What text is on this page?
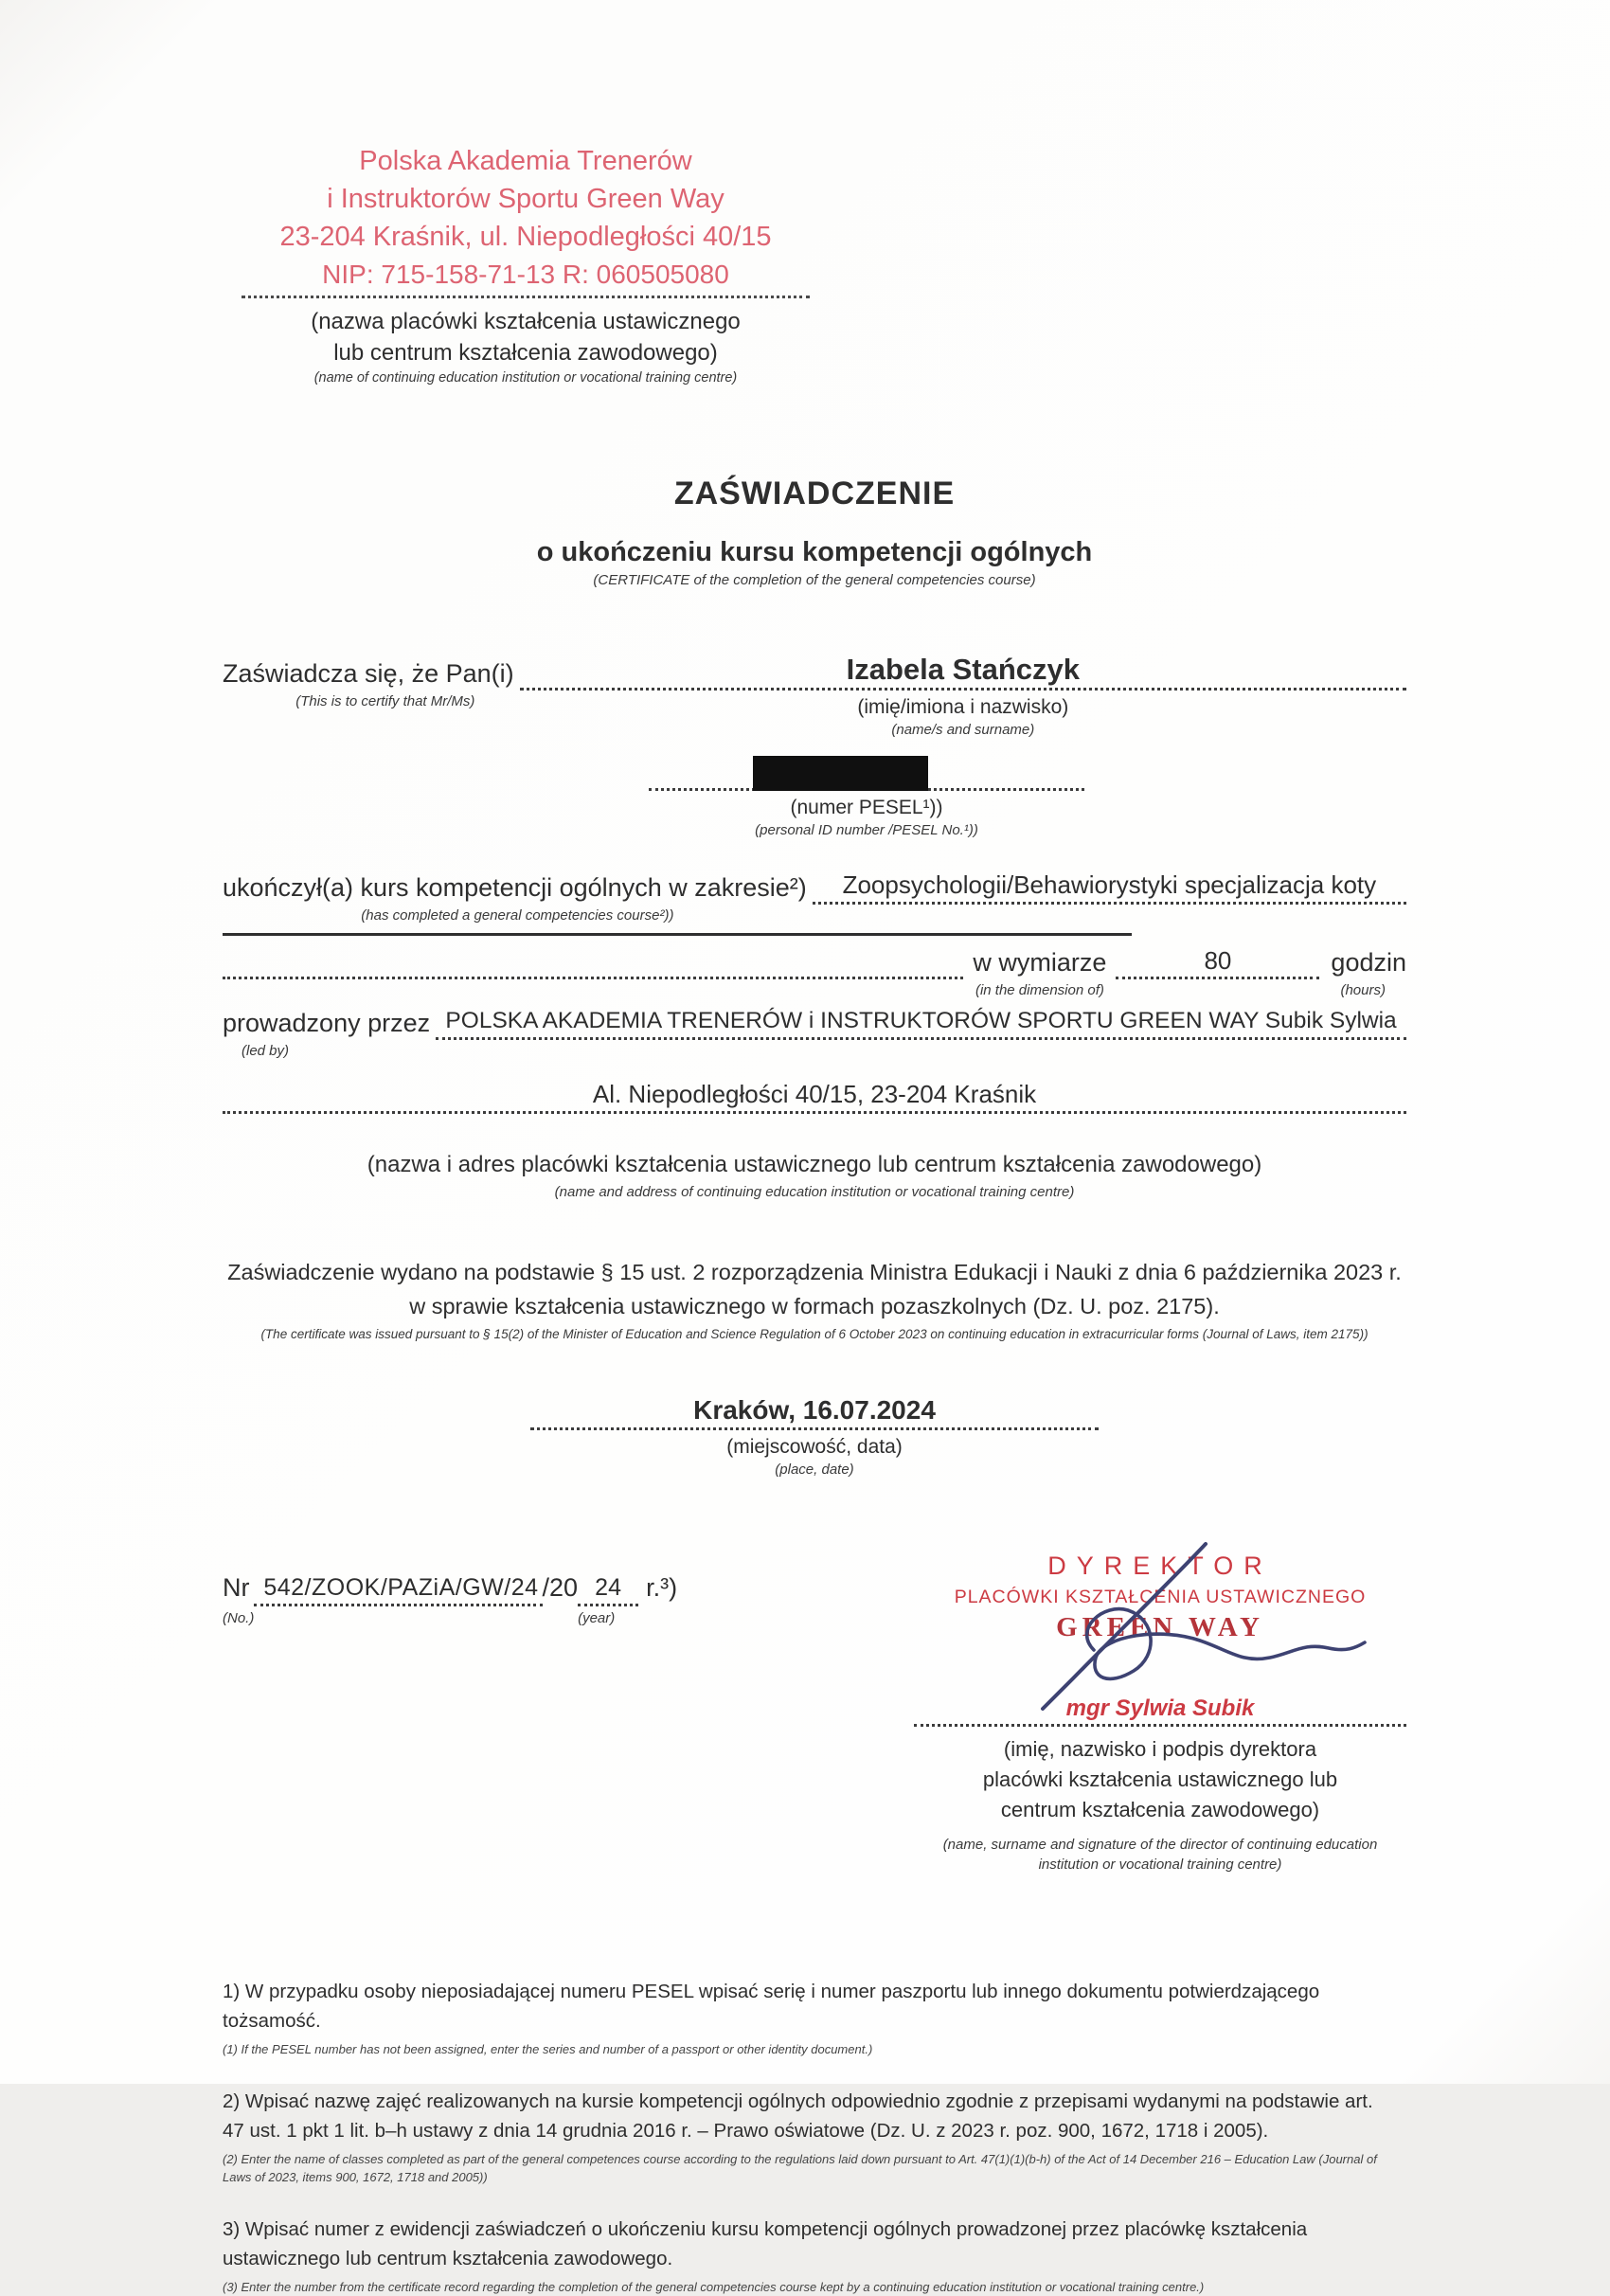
Polska Akademia Trenerów
i Instruktorów Sportu Green Way
23-204 Kraśnik, ul. Niepodległości 40/15
NIP: 715-158-71-13 R: 060505080
(nazwa placówki kształcenia ustawicznego
lub centrum kształcenia zawodowego)
(name of continuing education institution or vocational training centre)
ZAŚWIADCZENIE
o ukończeniu kursu kompetencji ogólnych
(CERTIFICATE of the completion of the general competencies course)
Zaświadcza się, że Pan(i)
(This is to certify that Mr/Ms)
Izabela Stańczyk
(imię/imiona i nazwisko)
(name/s and surname)
(numer PESEL¹))
(personal ID number /PESEL No.¹))
ukończył(a) kurs kompetencji ogólnych w zakresie²)
(has completed a general competencies course²))
Zoopsychologii/Behawiorystyki specjalizacja koty
w wymiarze
(in the dimension of)
80	godzin
(hours)
prowadzony przez
(led by)
POLSKA AKADEMIA TRENERÓW i INSTRUKTORÓW SPORTU GREEN WAY Subik Sylwia
Al. Niepodległości 40/15, 23-204 Kraśnik
(nazwa i adres placówki kształcenia ustawicznego lub centrum kształcenia zawodowego)
(name and address of continuing education institution or vocational training centre)
Zaświadczenie wydano na podstawie § 15 ust. 2 rozporządzenia Ministra Edukacji i Nauki z dnia 6 października 2023 r.
w sprawie kształcenia ustawicznego w formach pozaszkolnych (Dz. U. poz. 2175).
(The certificate was issued pursuant to § 15(2) of the Minister of Education and Science Regulation of 6 October 2023 on continuing education in extracurricular forms (Journal of Laws, item 2175))
Kraków, 16.07.2024
(miejscowość, data)
(place, date)
Nr
(No.)
542/ZOOK/PAZiA/GW/24 /20 24
(year)
r.³)
DYREKTOR
PLACÓWKI KSZTAŁCENIA USTAWICZNEGO
GREEN WAY
mgr Sylwia Subik
(imię, nazwisko i podpis dyrektora placówki kształcenia ustawicznego lub centrum kształcenia zawodowego)
(name, surname and signature of the director of continuing education institution or vocational training centre)
1) W przypadku osoby nieposiadającej numeru PESEL wpisać serię i numer paszportu lub innego dokumentu potwierdzającego tożsamość.
(1) If the PESEL number has not been assigned, enter the series and number of a passport or other identity document.)
2) Wpisać nazwę zajęć realizowanych na kursie kompetencji ogólnych odpowiednio zgodnie z przepisami wydanymi na podstawie art. 47 ust. 1 pkt 1 lit. b–h ustawy z dnia 14 grudnia 2016 r. – Prawo oświatowe (Dz. U. z 2023 r. poz. 900, 1672, 1718 i 2005).
(2) Enter the name of classes completed as part of the general competences course according to the regulations laid down pursuant to Art. 47(1)(1)(b-h) of the Act of 14 December 216 – Education Law (Journal of Laws of 2023, items 900, 1672, 1718 and 2005))
3) Wpisać numer z ewidencji zaświadczeń o ukończeniu kursu kompetencji ogólnych prowadzonej przez placówkę kształcenia ustawicznego lub centrum kształcenia zawodowego.
(3) Enter the number from the certificate record regarding the completion of the general competencies course kept by a continuing education institution or vocational training centre.)
